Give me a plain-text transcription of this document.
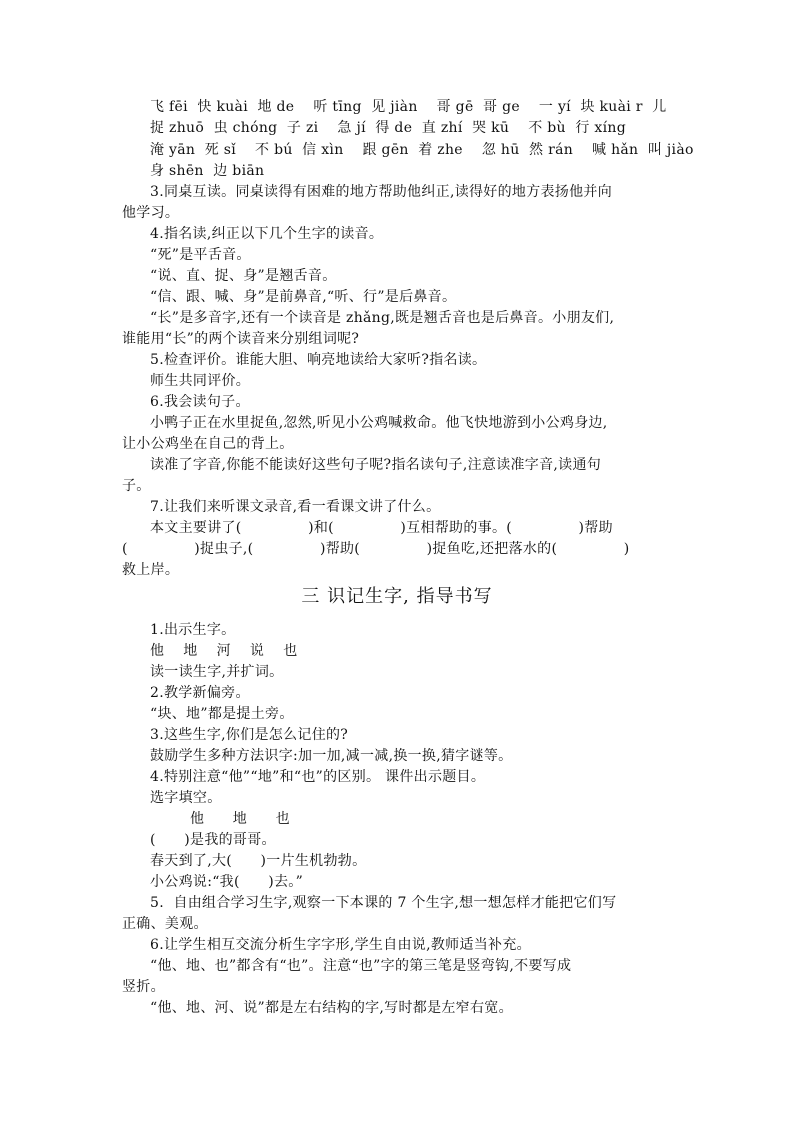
飞 fēi  快 kuài  地 de    听 tīng  见 jiàn    哥 gē  哥 ge    一 yí  块 kuài r  儿
捉 zhuō  虫 chóng  子 zi    急 jí  得 de  直 zhí  哭 kū    不 bù  行 xíng
淹 yān  死 sǐ    不 bú  信 xìn    跟 gēn  着 zhe    忽 hū  然 rán    喊 hǎn  叫 jiào
身 shēn  边 biān
3.同桌互读。同桌读得有困难的地方帮助他纠正,读得好的地方表扬他并向
他学习。
4.指名读,纠正以下几个生字的读音。
“死”是平舌音。
“说、直、捉、身”是翘舌音。
“信、跟、喊、身”是前鼻音,“听、行”是后鼻音。
“长”是多音字,还有一个读音是 zhǎng,既是翘舌音也是后鼻音。小朋友们,
谁能用“长”的两个读音来分别组词呢?
5.检查评价。谁能大胆、响亮地读给大家听?指名读。
师生共同评价。
6.我会读句子。
小鸭子正在水里捉鱼,忽然,听见小公鸡喊救命。他飞快地游到小公鸡身边,
让小公鸡坐在自己的背上。
读准了字音,你能不能读好这些句子呢?指名读句子,注意读准字音,读通句
子。
7.让我们来听课文录音,看一看课文讲了什么。
本文主要讲了(              )和(              )互相帮助的事。(              )帮助
(              )捉虫子,(              )帮助(              )捉鱼吃,还把落水的(              )
救上岸。
三 识记生字, 指导书写
1.出示生字。
他    地    河    说    也
读一读生字,并扩词。
2.教学新偏旁。
“块、地”都是提土旁。
3.这些生字,你们是怎么记住的?
鼓励学生多种方法识字:加一加,减一减,换一换,猜字谜等。
4.特别注意“他”“地”和“也”的区别。 课件出示题目。
选字填空。
他      地      也
(      )是我的哥哥。
春天到了,大(      )一片生机勃勃。
小公鸡说:“我(      )去。”
5.  自由组合学习生字,观察一下本课的 7 个生字,想一想怎样才能把它们写
正确、美观。
6.让学生相互交流分析生字字形,学生自由说,教师适当补充。
“他、地、也”都含有“也”。注意“也”字的第三笔是竖弯钩,不要写成
竖折。
“他、地、河、说”都是左右结构的字,写时都是左窄右宽。
